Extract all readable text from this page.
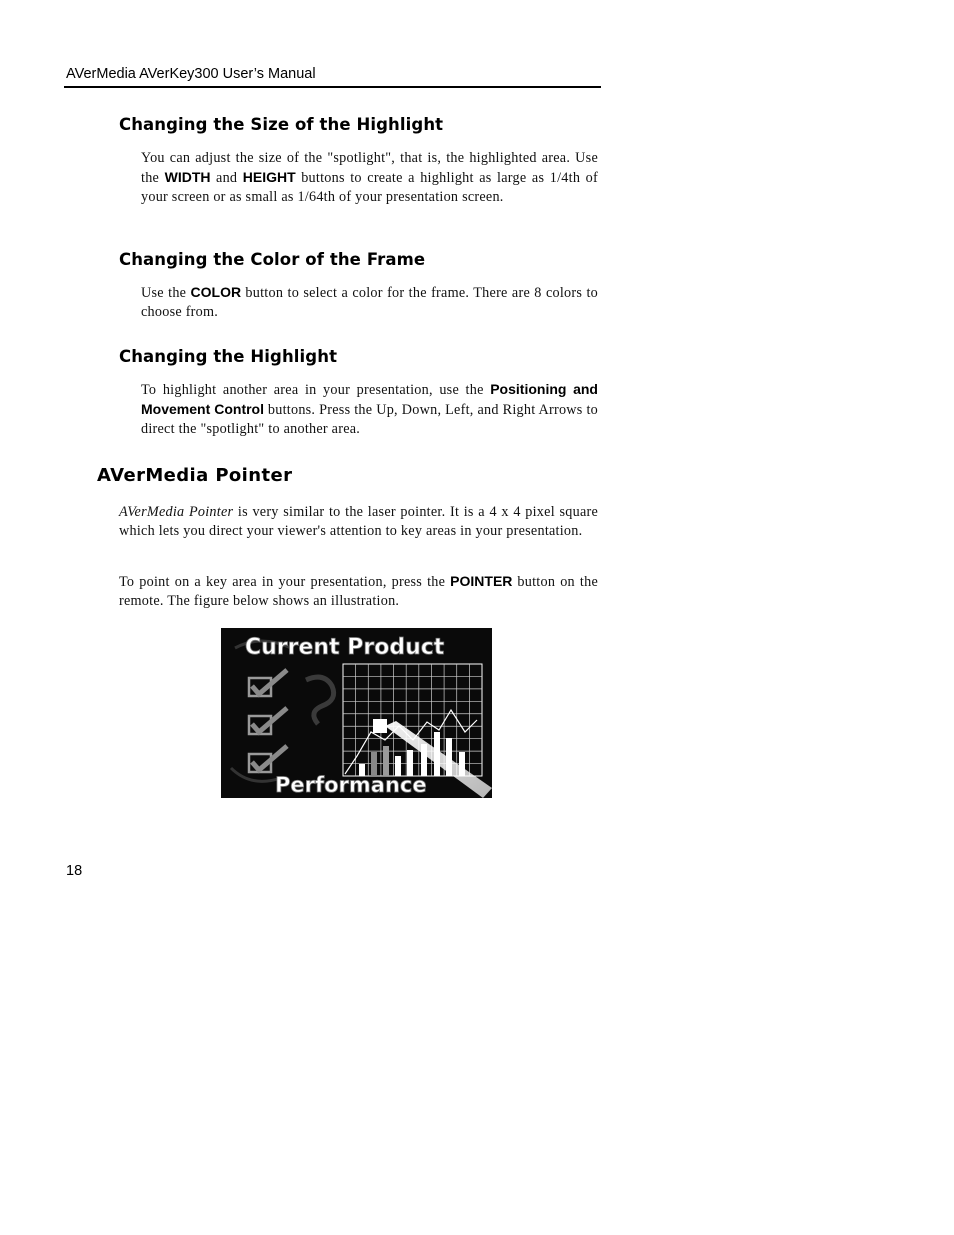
AVerMedia AVerKey300 User’s Manual
Changing the Size of the Highlight
You can adjust the size of the "spotlight", that is, the highlighted area. Use the WIDTH and HEIGHT buttons to create a highlight as large as 1/4th of your screen or as small as 1/64th of your presentation screen.
Changing the Color of the Frame
Use the COLOR button to select a color for the frame. There are 8 colors to choose from.
Changing the Highlight
To highlight another area in your presentation, use the Positioning and Movement Control buttons. Press the Up, Down, Left, and Right Arrows to direct the "spotlight" to another area.
AVerMedia Pointer
AVerMedia Pointer is very similar to the laser pointer. It is a 4 x 4 pixel square which lets you direct your viewer's attention to key areas in your presentation.
To point on a key area in your presentation, press the POINTER button on the remote. The figure below shows an illustration.
Current Product
Performance
18
